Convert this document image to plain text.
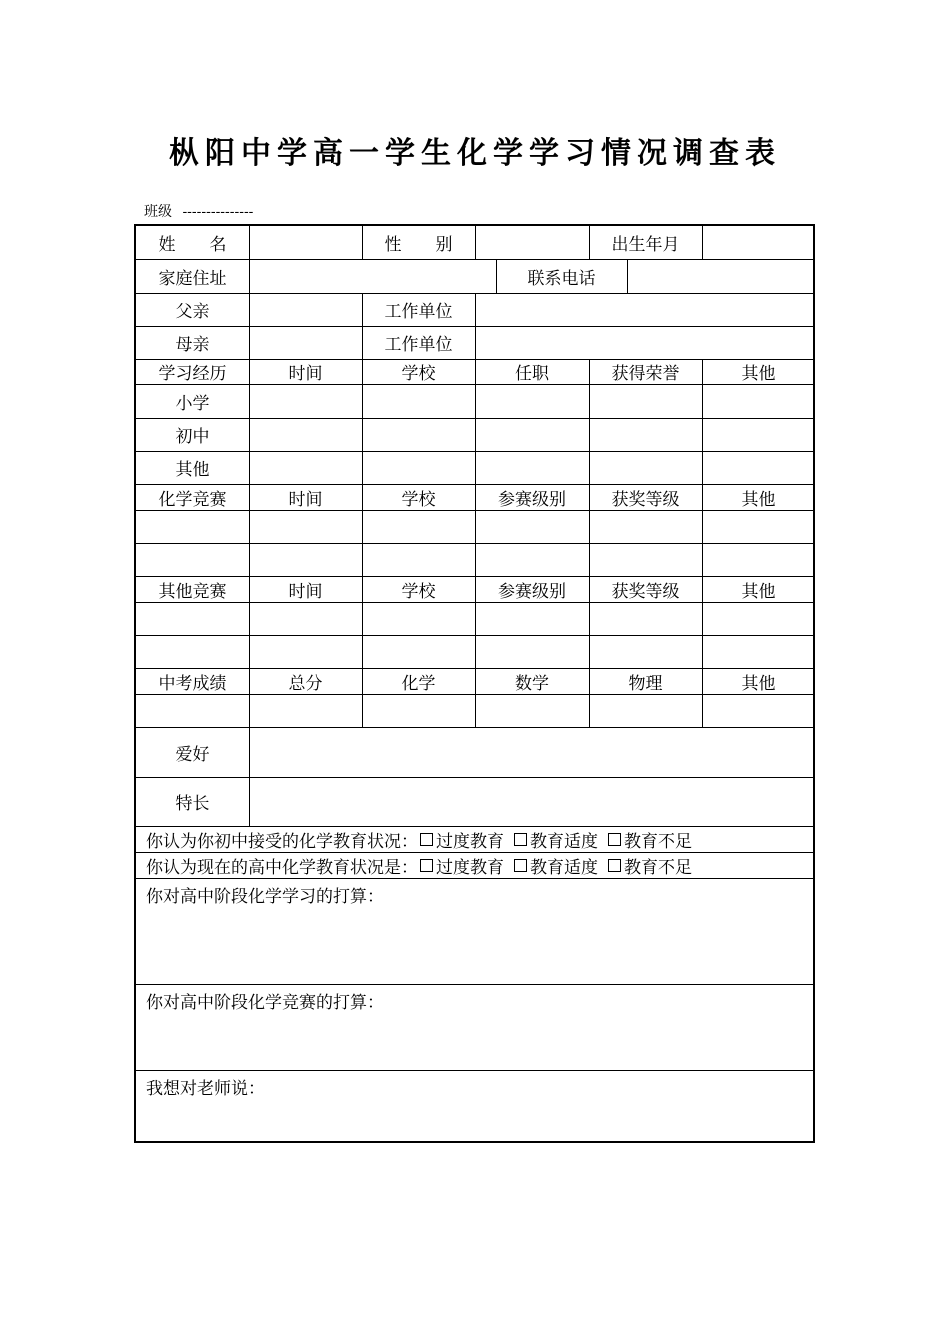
枞阳中学高一学生化学学习情况调查表
班级 ---------------
姓　　名	性　　别	出生年月
家庭住址	联系电话
父亲	工作单位
母亲	工作单位
学习经历	时间	学校	任职	获得荣誉	其他
小学
初中
其他
化学竞赛	时间	学校	参赛级别	获奖等级	其他
其他竞赛	时间	学校	参赛级别	获奖等级	其他
中考成绩	总分	化学	数学	物理	其他
爱好
特长
你认为你初中接受的化学教育状况： 过度教育 教育适度 教育不足
你认为现在的高中化学教育状况是： 过度教育 教育适度 教育不足
你对高中阶段化学学习的打算：
你对高中阶段化学竞赛的打算：
我想对老师说：
